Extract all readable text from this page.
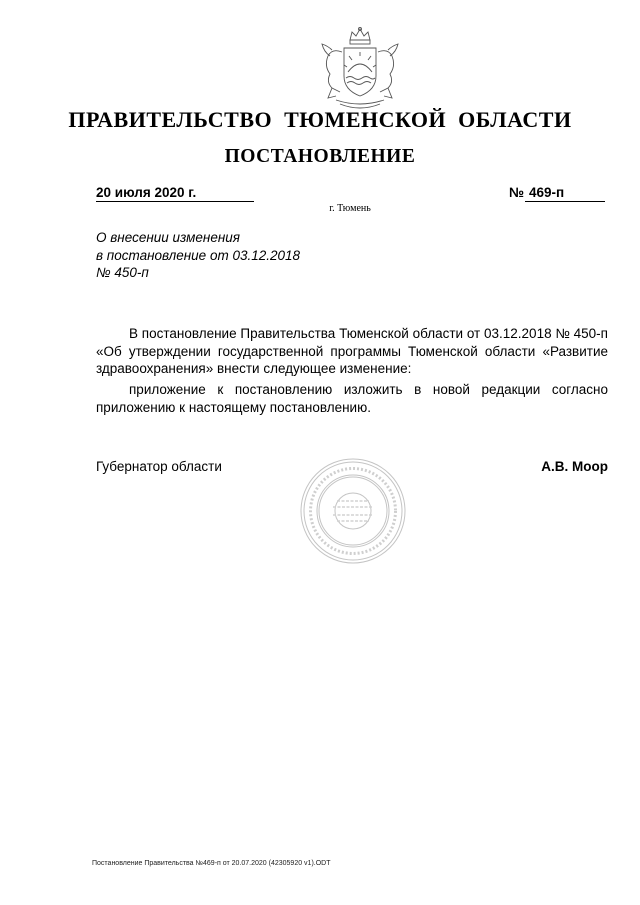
ПРАВИТЕЛЬСТВО ТЮМЕНСКОЙ ОБЛАСТИ
ПОСТАНОВЛЕНИЕ
20 июля 2020 г.	№ 469-п
г. Тюмень
О внесении изменения
в постановление от 03.12.2018
№ 450-п
В постановление Правительства Тюменской области от 03.12.2018 № 450-п «Об утверждении государственной программы Тюменской области «Развитие здравоохранения» внести следующее изменение:
приложение к постановлению изложить в новой редакции согласно приложению к настоящему постановлению.
Губернатор области	А.В. Моор
Постановление Правительства №469-п от 20.07.2020 (42305920 v1).ODT
